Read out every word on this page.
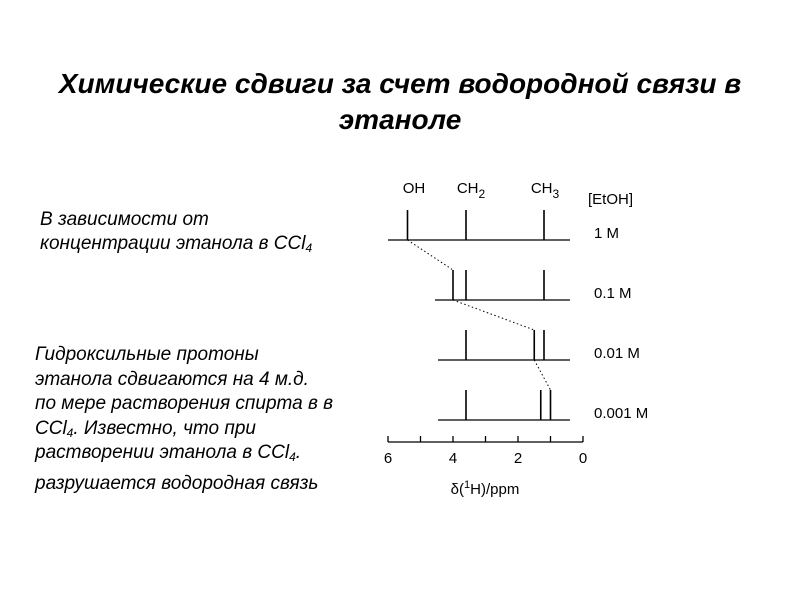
Химические сдвиги за счет водородной связи в этаноле
В зависимости от концентрации этанола в CCl$_4$
Гидроксильные протоны этанола сдвигаются на 4 м.д. по мере растворения спирта в в CCl$_4$. Известно, что при растворении этанола в CCl$_4$.
разрушается водородная связь
OH $CH_2$	$CH_3$ [EtOH]
1 M
0.1 M
0.01 M
0.001 M
6	4	2	0
δ($^1$H)/ppm
